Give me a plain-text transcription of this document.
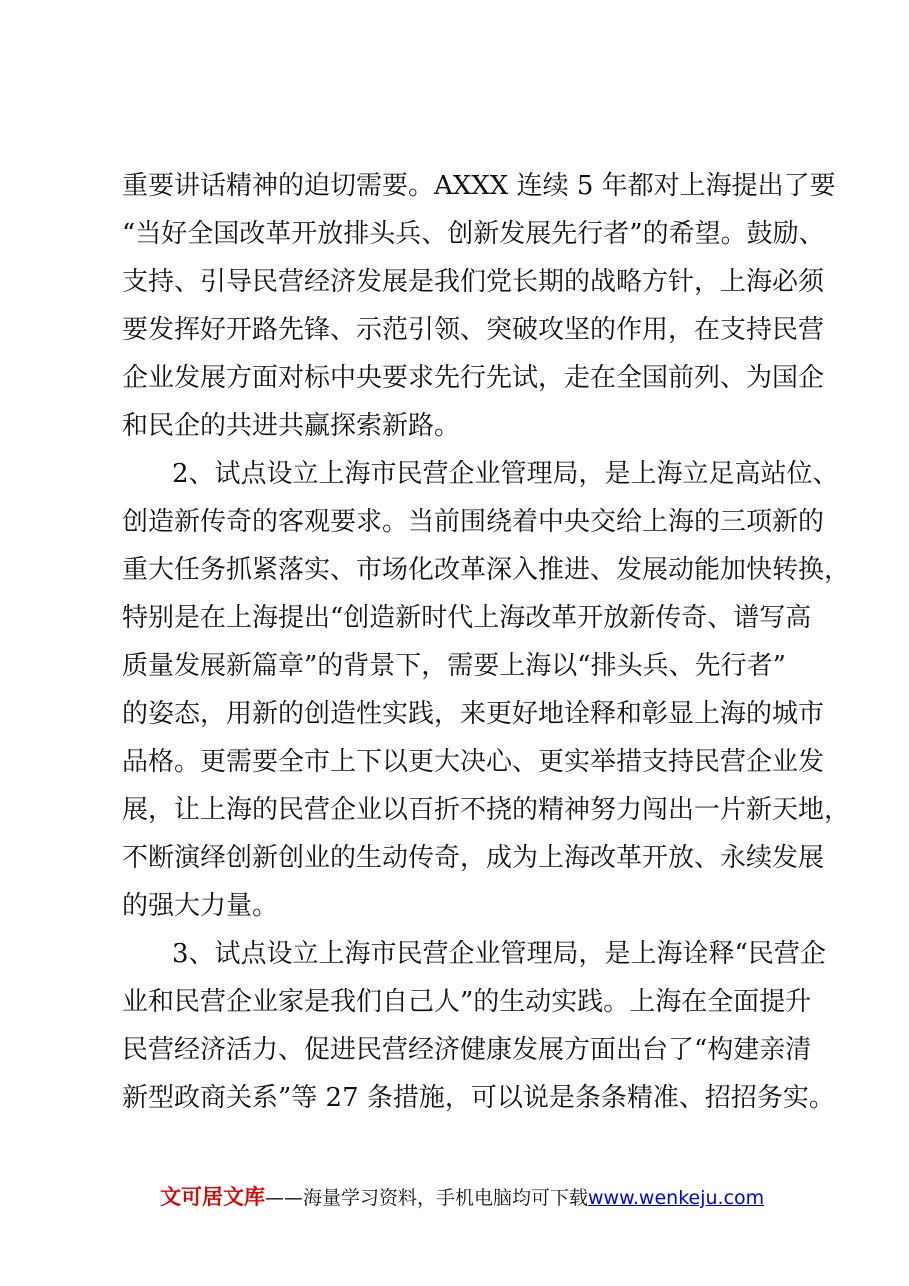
重要讲话精神的迫切需要。AXXX 连续 5 年都对上海提出了要
“当好全国改革开放排头兵、创新发展先行者”的希望。鼓励、
支持、引导民营经济发展是我们党长期的战略方针，上海必须
要发挥好开路先锋、示范引领、突破攻坚的作用，在支持民营
企业发展方面对标中央要求先行先试，走在全国前列、为国企
和民企的共进共赢探索新路。
2、试点设立上海市民营企业管理局，是上海立足高站位、
创造新传奇的客观要求。当前围绕着中央交给上海的三项新的
重大任务抓紧落实、市场化改革深入推进、发展动能加快转换，
特别是在上海提出“创造新时代上海改革开放新传奇、谱写高
质量发展新篇章”的背景下，需要上海以“排头兵、先行者”
的姿态，用新的创造性实践，来更好地诠释和彰显上海的城市
品格。更需要全市上下以更大决心、更实举措支持民营企业发
展，让上海的民营企业以百折不挠的精神努力闯出一片新天地，
不断演绎创新创业的生动传奇，成为上海改革开放、永续发展
的强大力量。
3、试点设立上海市民营企业管理局，是上海诠释“民营企
业和民营企业家是我们自己人”的生动实践。上海在全面提升
民营经济活力、促进民营经济健康发展方面出台了“构建亲清
新型政商关系”等 27 条措施，可以说是条条精准、招招务实。
文可居文库——海量学习资料，手机电脑均可下载www.wenkeju.com
